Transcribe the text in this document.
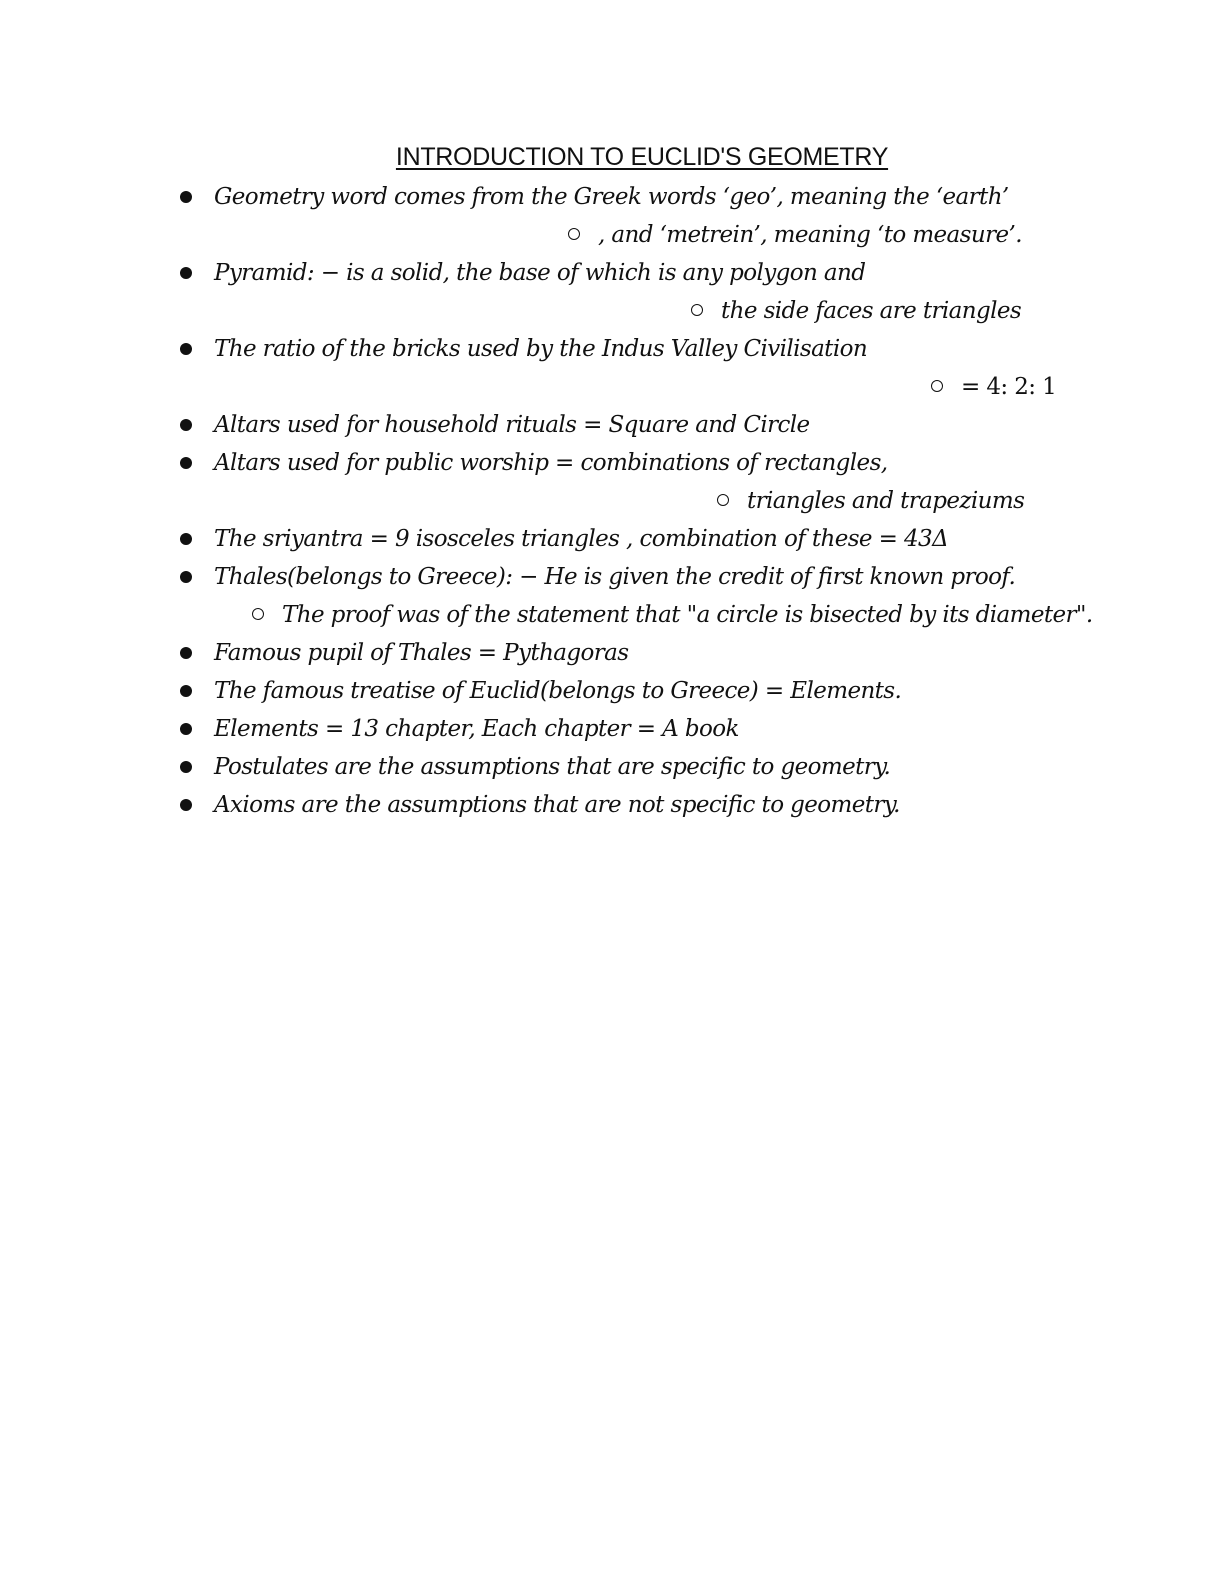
INTRODUCTION TO EUCLID'S GEOMETRY
Geometry word comes from the Greek words ‘geo’, meaning the ‘earth’
, and ‘metrein’, meaning ‘to measure’.
Pyramid: − is a solid, the base of which is any polygon and
the side faces are triangles
The ratio of the bricks used by the Indus Valley Civilisation
= 4: 2: 1
Altars used for household rituals = Square and Circle
Altars used for public worship = combinations of rectangles,
triangles and trapeziums
The sriyantra = 9 isosceles triangles , combination of these = 43Δ
Thales(belongs to Greece): − He is given the credit of first known proof.
The proof was of the statement that "a circle is bisected by its diameter".
Famous pupil of Thales = Pythagoras
The famous treatise of Euclid(belongs to Greece) = Elements.
Elements = 13 chapter, Each chapter = A book
Postulates are the assumptions that are specific to geometry.
Axioms are the assumptions that are not specific to geometry.
